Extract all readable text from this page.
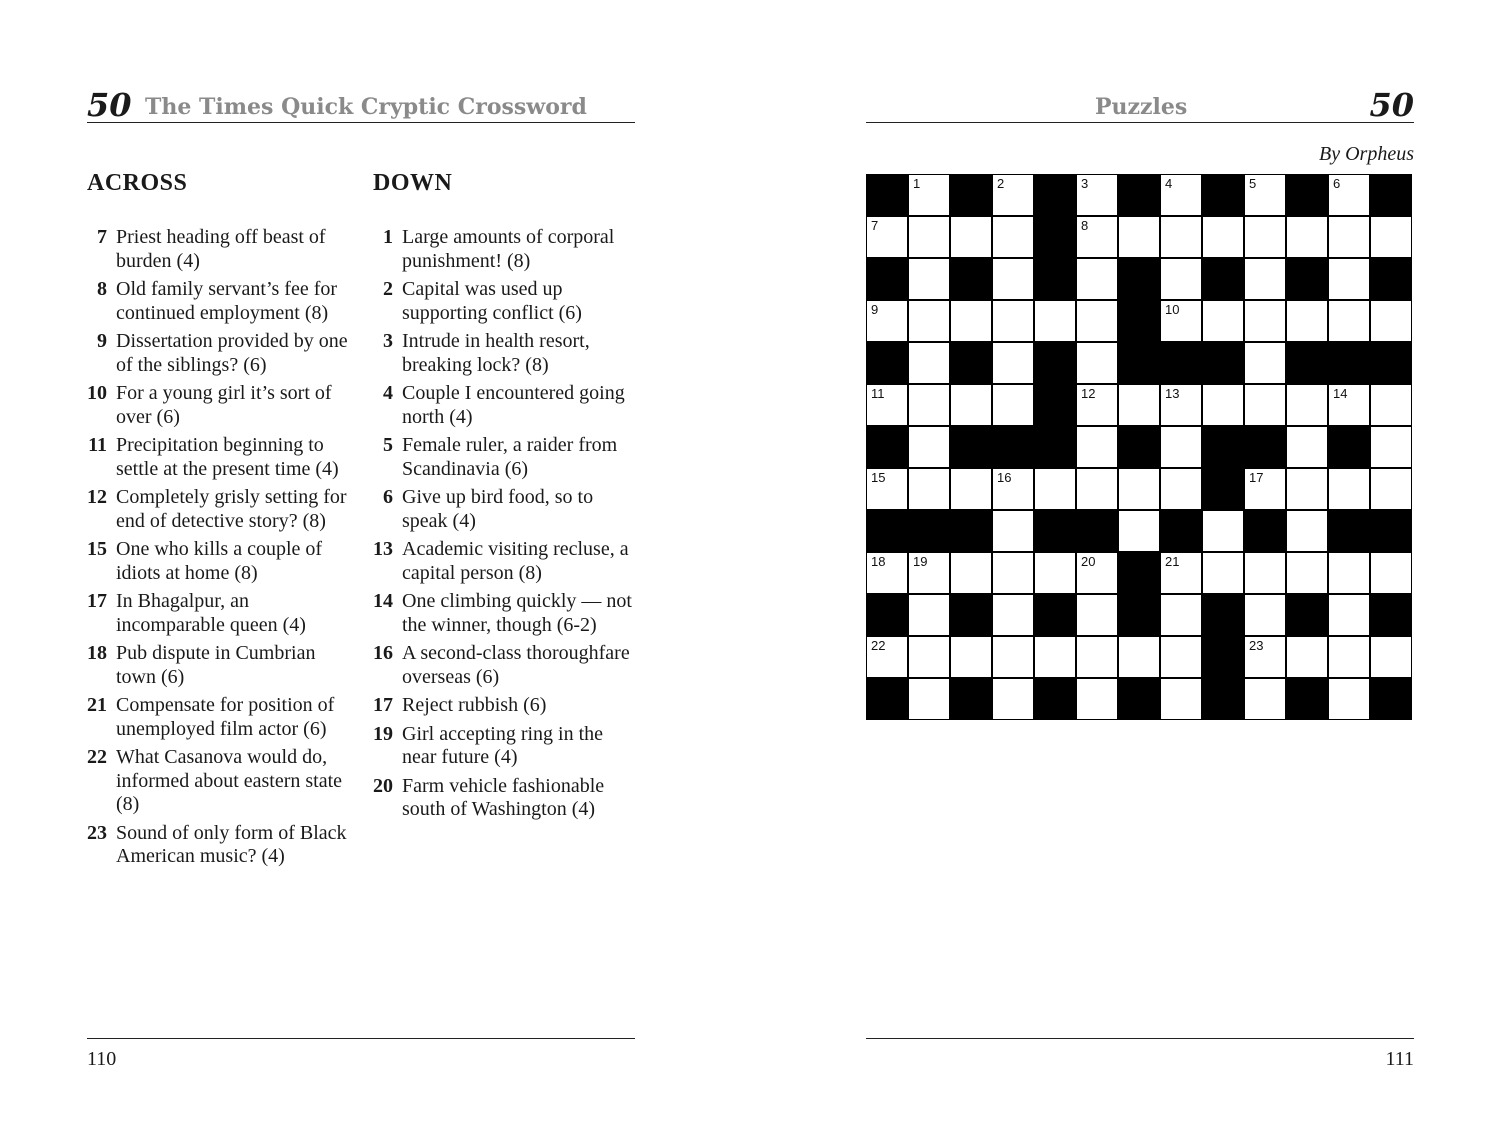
50 The Times Quick Cryptic Crossword
ACROSS	DOWN
7 Priest heading off beast of burden (4)
8 Old family servant’s fee for continued employment (8)
9 Dissertation provided by one of the siblings? (6)
10 For a young girl it’s sort of over (6)
11 Precipitation beginning to settle at the present time (4)
12 Completely grisly setting for end of detective story? (8)
15 One who kills a couple of idiots at home (8)
17 In Bhagalpur, an incomparable queen (4)
18 Pub dispute in Cumbrian town (6)
21 Compensate for position of unemployed film actor (6)
22 What Casanova would do, informed about eastern state (8)
23 Sound of only form of Black American music? (4)
1 Large amounts of corporal punishment! (8)
2 Capital was used up supporting conflict (6)
3 Intrude in health resort, breaking lock? (8)
4 Couple I encountered going north (4)
5 Female ruler, a raider from Scandinavia (6)
6 Give up bird food, so to speak (4)
13 Academic visiting recluse, a capital person (8)
14 One climbing quickly — not the winner, though (6-2)
16 A second-class thoroughfare overseas (6)
17 Reject rubbish (6)
19 Girl accepting ring in the near future (4)
20 Farm vehicle fashionable south of Washington (4)
110
Puzzles	50
By Orpheus
1	2	3	4	5	6
7	8
9	10
11	12	13	14
15	16	17
18 19	20	21
22	23
111
